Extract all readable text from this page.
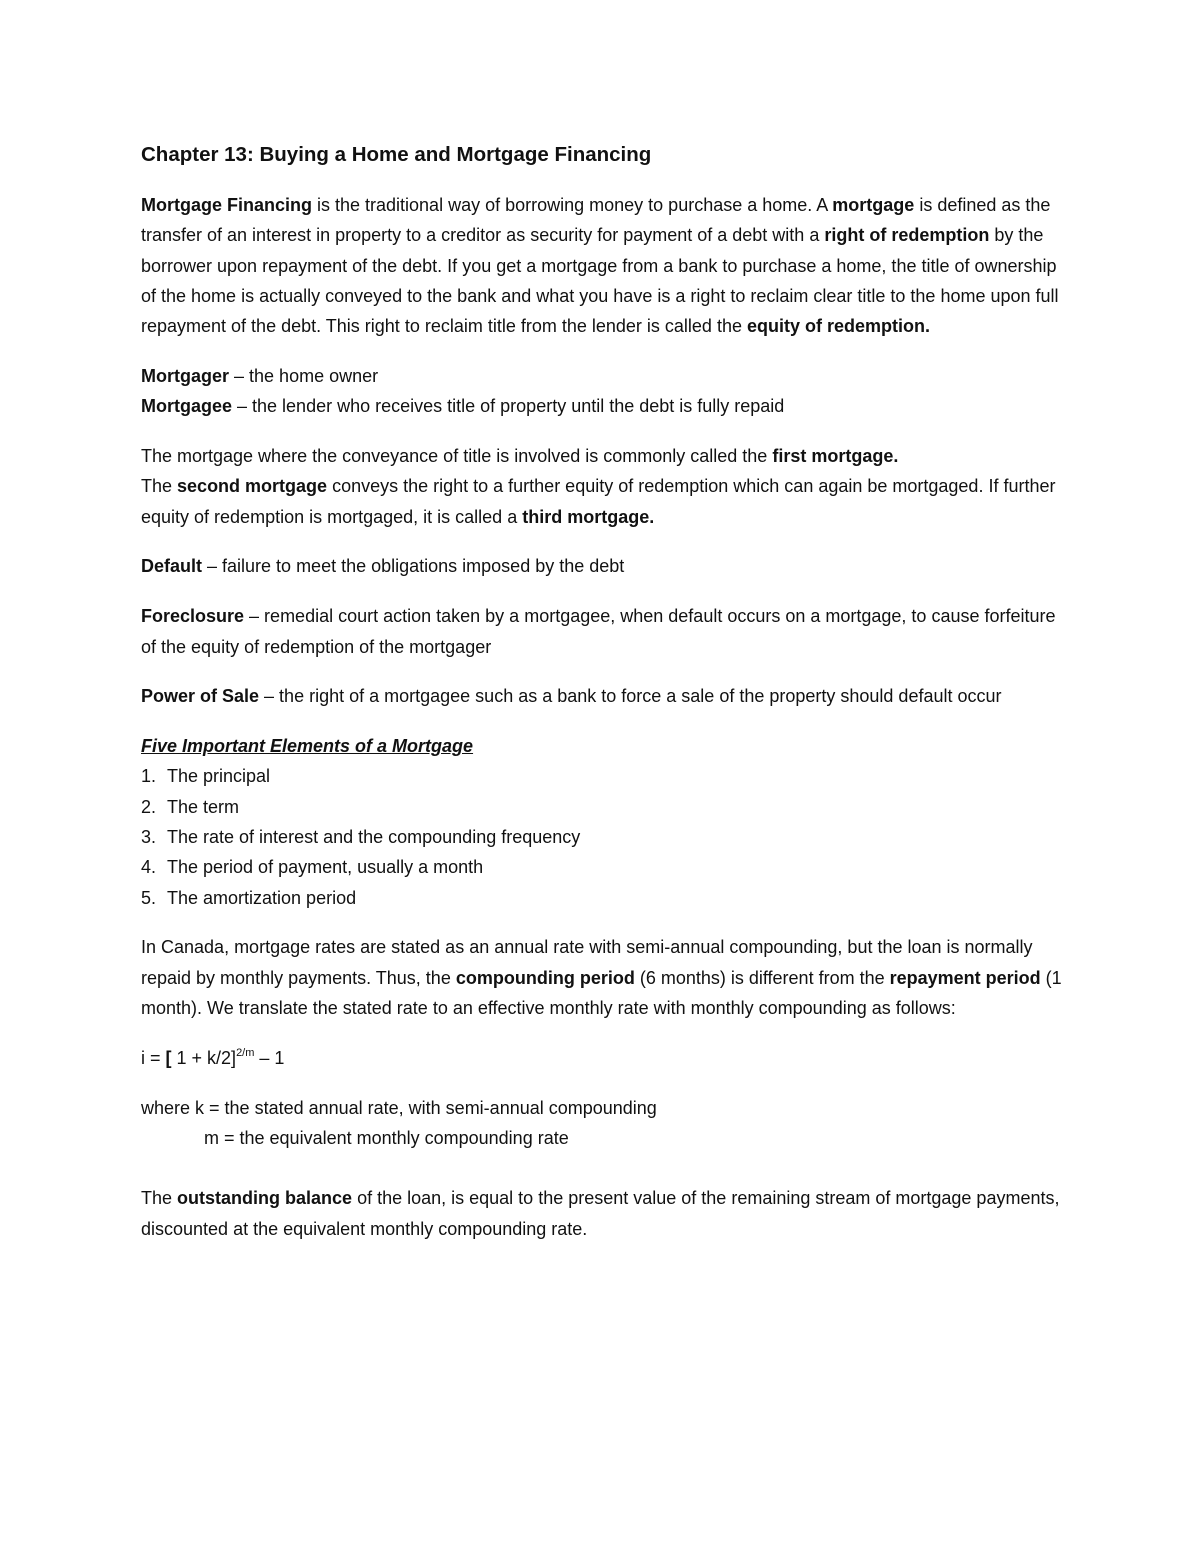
Chapter 13: Buying a Home and Mortgage Financing

Mortgage Financing is the traditional way of borrowing money to purchase a home. A mortgage is defined as the transfer of an interest in property to a creditor as security for payment of a debt with a right of redemption by the borrower upon repayment of the debt. If you get a mortgage from a bank to purchase a home, the title of ownership of the home is actually conveyed to the bank and what you have is a right to reclaim clear title to the home upon full repayment of the debt. This right to reclaim title from the lender is called the equity of redemption.

Mortgager – the home owner
Mortgagee – the lender who receives title of property until the debt is fully repaid

The mortgage where the conveyance of title is involved is commonly called the first mortgage.
The second mortgage conveys the right to a further equity of redemption which can again be mortgaged. If further equity of redemption is mortgaged, it is called a third mortgage.

Default – failure to meet the obligations imposed by the debt

Foreclosure – remedial court action taken by a mortgagee, when default occurs on a mortgage, to cause forfeiture of the equity of redemption of the mortgager

Power of Sale – the right of a mortgagee such as a bank to force a sale of the property should default occur

Five Important Elements of a Mortgage
1. The principal
2. The term
3. The rate of interest and the compounding frequency
4. The period of payment, usually a month
5. The amortization period

In Canada, mortgage rates are stated as an annual rate with semi-annual compounding, but the loan is normally repaid by monthly payments. Thus, the compounding period (6 months) is different from the repayment period (1 month). We translate the stated rate to an effective monthly rate with monthly compounding as follows:

i = [ 1 + k/2]$^{2/m}$ – 1

where k = the stated annual rate, with semi-annual compounding
m = the equivalent monthly compounding rate

The outstanding balance of the loan, is equal to the present value of the remaining stream of mortgage payments, discounted at the equivalent monthly compounding rate.
